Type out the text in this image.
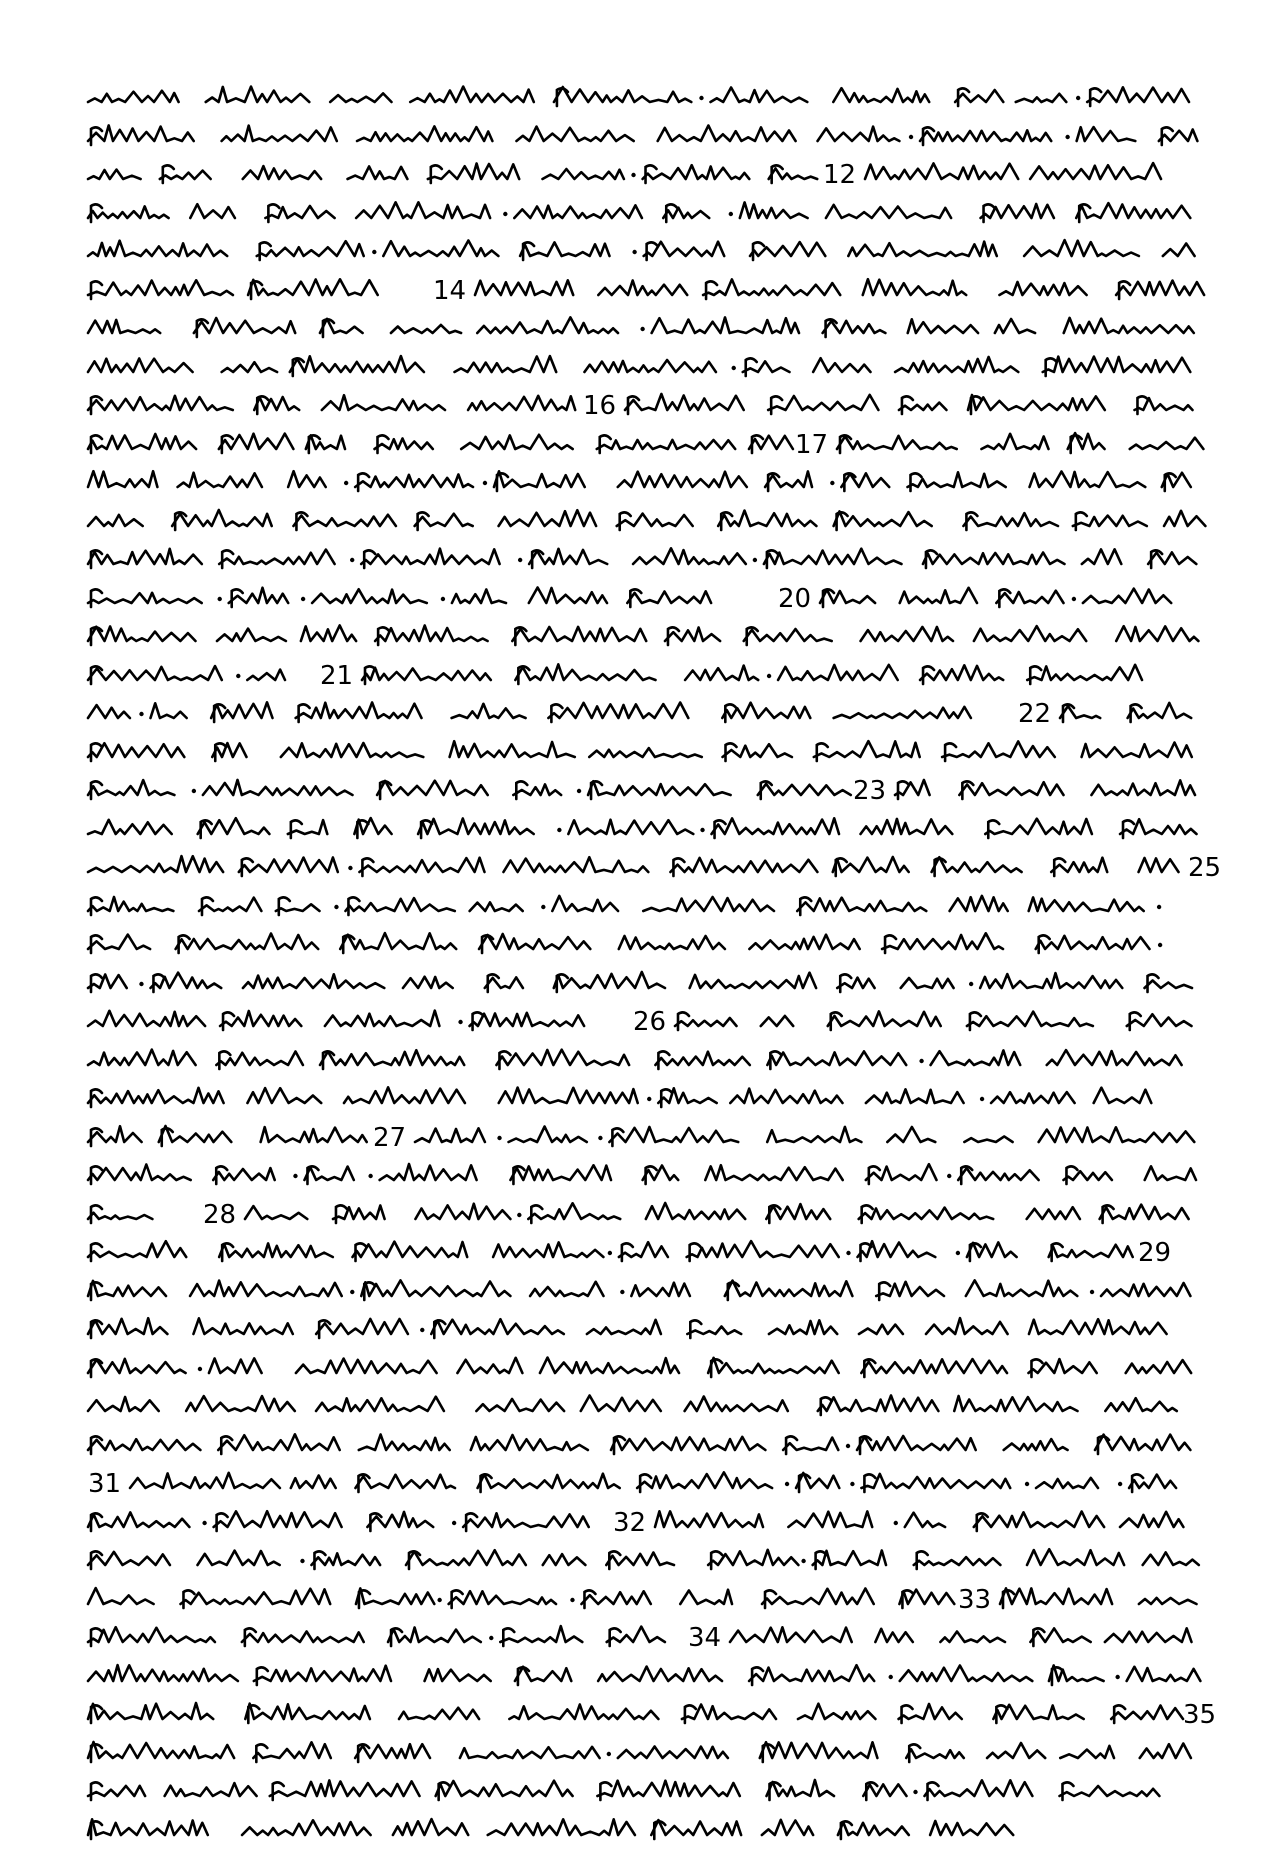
12
14
16
17
20
21
22
23
25
26
27
28
29
31
32
33
34
35
